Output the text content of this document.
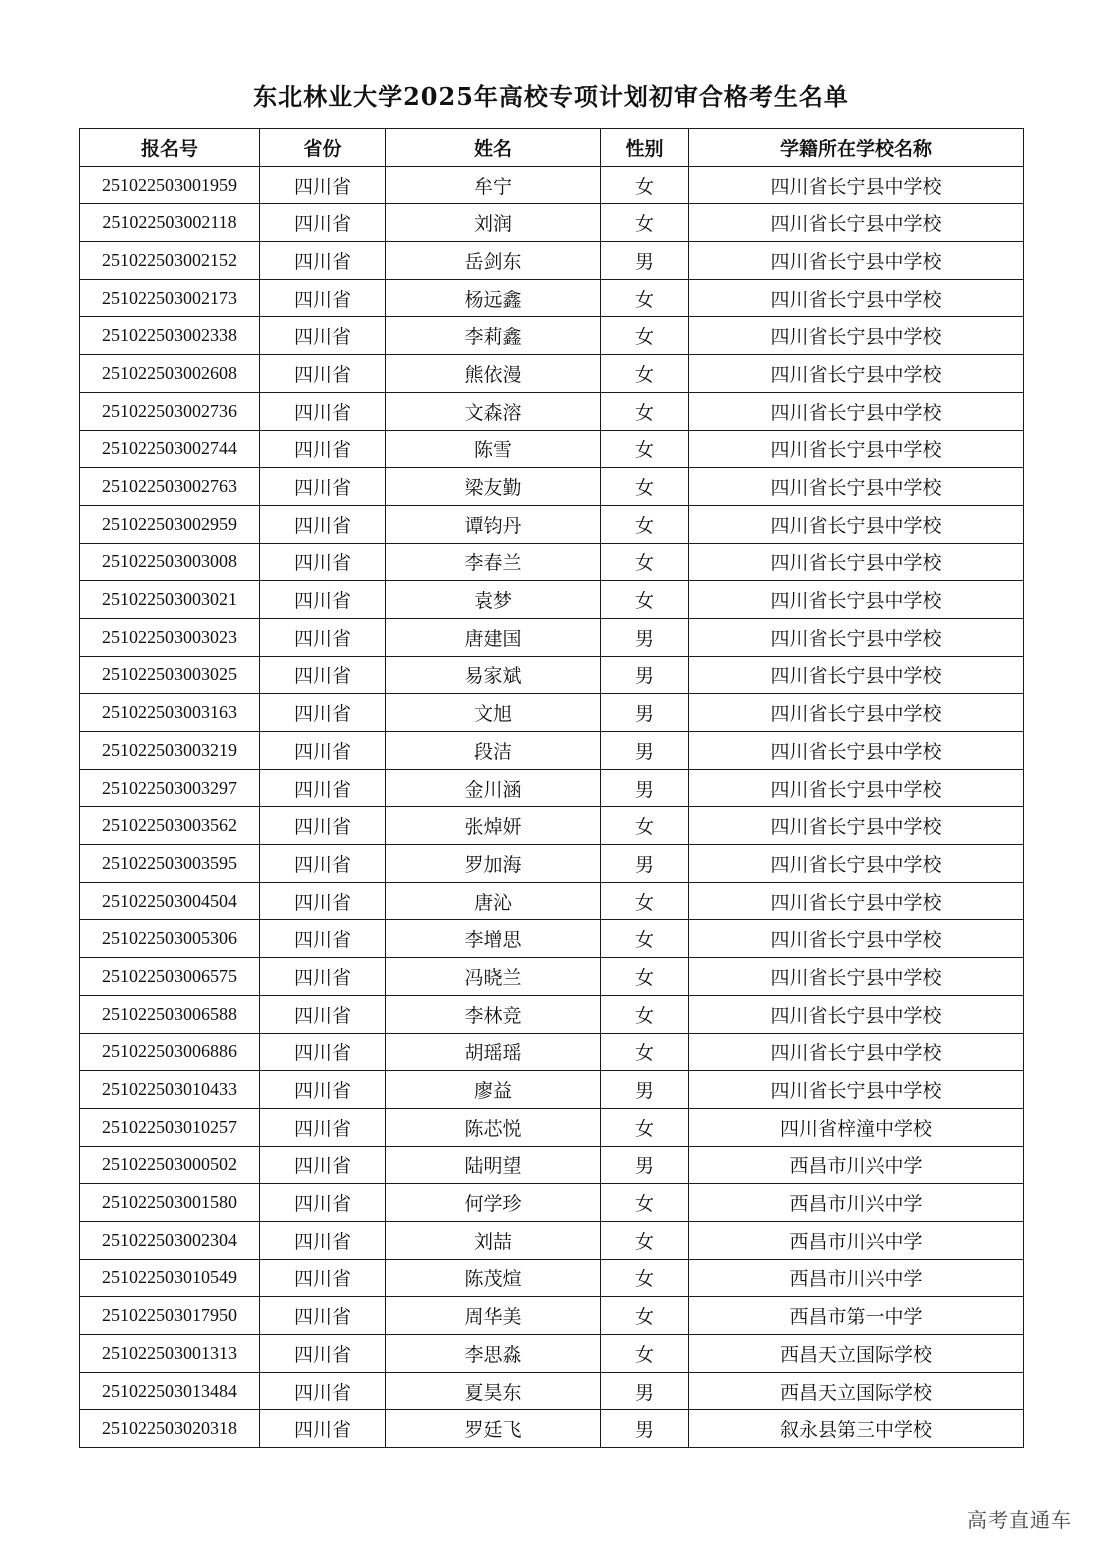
东北林业大学2025年高校专项计划初审合格考生名单
报名号	省份	姓名	性别	学籍所在学校名称
251022503001959	四川省	牟宁	女	四川省长宁县中学校
251022503002118	四川省	刘润	女	四川省长宁县中学校
251022503002152	四川省	岳剑东	男	四川省长宁县中学校
251022503002173	四川省	杨远鑫	女	四川省长宁县中学校
251022503002338	四川省	李莉鑫	女	四川省长宁县中学校
251022503002608	四川省	熊依漫	女	四川省长宁县中学校
251022503002736	四川省	文森溶	女	四川省长宁县中学校
251022503002744	四川省	陈雪	女	四川省长宁县中学校
251022503002763	四川省	梁友勤	女	四川省长宁县中学校
251022503002959	四川省	谭钧丹	女	四川省长宁县中学校
251022503003008	四川省	李春兰	女	四川省长宁县中学校
251022503003021	四川省	袁梦	女	四川省长宁县中学校
251022503003023	四川省	唐建国	男	四川省长宁县中学校
251022503003025	四川省	易家斌	男	四川省长宁县中学校
251022503003163	四川省	文旭	男	四川省长宁县中学校
251022503003219	四川省	段洁	男	四川省长宁县中学校
251022503003297	四川省	金川涵	男	四川省长宁县中学校
251022503003562	四川省	张焯妍	女	四川省长宁县中学校
251022503003595	四川省	罗加海	男	四川省长宁县中学校
251022503004504	四川省	唐沁	女	四川省长宁县中学校
251022503005306	四川省	李增思	女	四川省长宁县中学校
251022503006575	四川省	冯晓兰	女	四川省长宁县中学校
251022503006588	四川省	李林竞	女	四川省长宁县中学校
251022503006886	四川省	胡瑶瑶	女	四川省长宁县中学校
251022503010433	四川省	廖益	男	四川省长宁县中学校
251022503010257	四川省	陈芯悦	女	四川省梓潼中学校
251022503000502	四川省	陆明望	男	西昌市川兴中学
251022503001580	四川省	何学珍	女	西昌市川兴中学
251022503002304	四川省	刘喆	女	西昌市川兴中学
251022503010549	四川省	陈茂煊	女	西昌市川兴中学
251022503017950	四川省	周华美	女	西昌市第一中学
251022503001313	四川省	李思淼	女	西昌天立国际学校
251022503013484	四川省	夏昊东	男	西昌天立国际学校
251022503020318	四川省	罗廷飞	男	叙永县第三中学校
高考直通车
